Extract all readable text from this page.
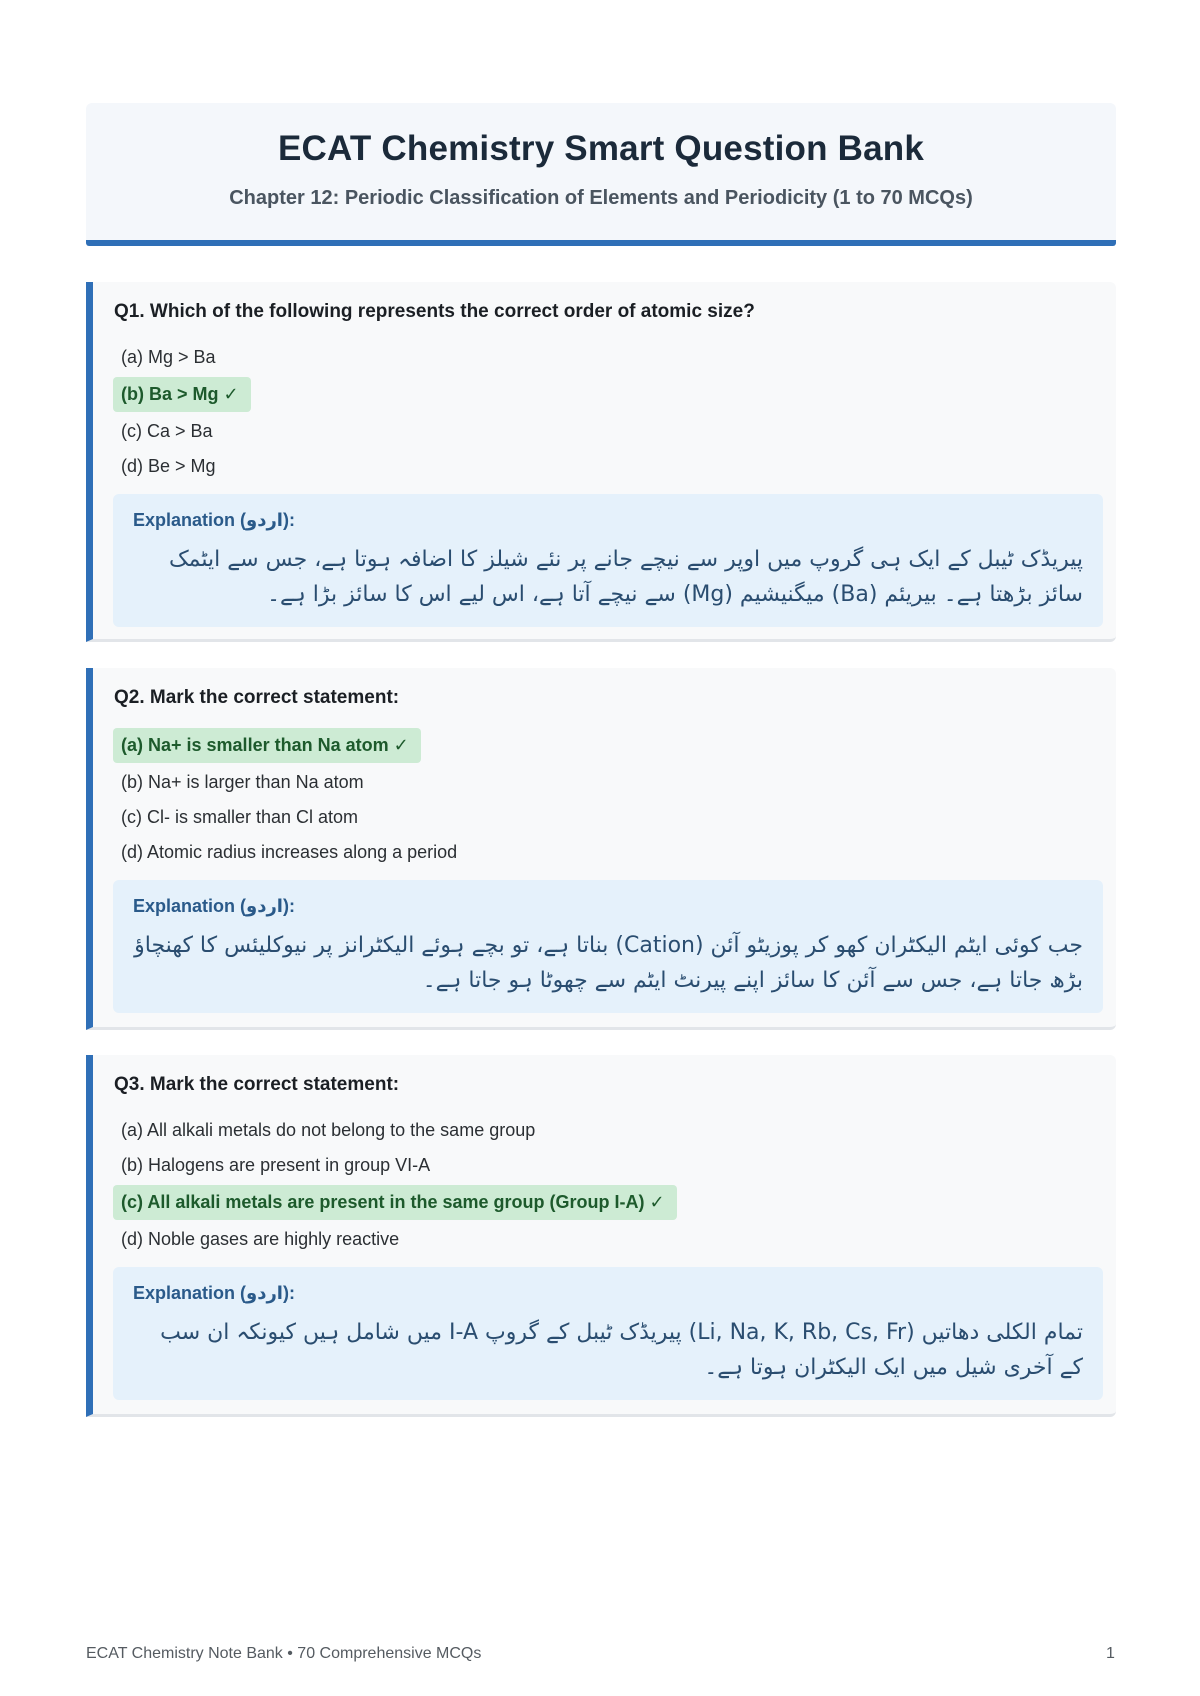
ECAT Chemistry Smart Question Bank
Chapter 12: Periodic Classification of Elements and Periodicity (1 to 70 MCQs)
Q1. Which of the following represents the correct order of atomic size?
(a) Mg > Ba
(b) Ba > Mg ✓
(c) Ca > Ba
(d) Be > Mg
Explanation (اردو):
پیریڈک ٹیبل کے ایک ہی گروپ میں اوپر سے نیچے جانے پر نئے شیلز کا اضافہ ہوتا ہے، جس سے ایٹمک سائز بڑھتا ہے۔ بیریئم (Ba) میگنیشیم (Mg) سے نیچے آتا ہے، اس لیے اس کا سائز بڑا ہے۔
Q2. Mark the correct statement:
(a) Na+ is smaller than Na atom ✓
(b) Na+ is larger than Na atom
(c) Cl- is smaller than Cl atom
(d) Atomic radius increases along a period
Explanation (اردو):
جب کوئی ایٹم الیکٹران کھو کر پوزیٹو آئن (Cation) بناتا ہے، تو بچے ہوئے الیکٹرانز پر نیوکلیئس کا کھنچاؤ بڑھ جاتا ہے، جس سے آئن کا سائز اپنے پیرنٹ ایٹم سے چھوٹا ہو جاتا ہے۔
Q3. Mark the correct statement:
(a) All alkali metals do not belong to the same group
(b) Halogens are present in group VI-A
(c) All alkali metals are present in the same group (Group I-A) ✓
(d) Noble gases are highly reactive
Explanation (اردو):
تمام الکلی دھاتیں (Li, Na, K, Rb, Cs, Fr) پیریڈک ٹیبل کے گروپ I-A میں شامل ہیں کیونکہ ان سب کے آخری شیل میں ایک الیکٹران ہوتا ہے۔
ECAT Chemistry Note Bank • 70 Comprehensive MCQs	1
